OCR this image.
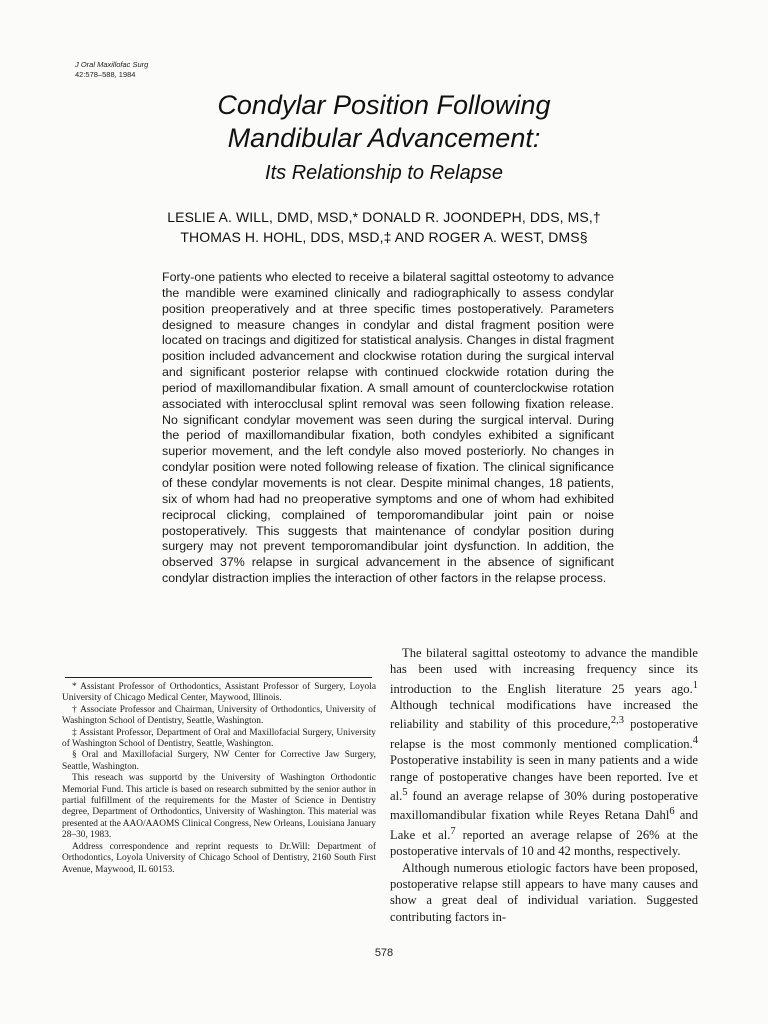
J Oral Maxillofac Surg
42:578–588, 1984
Condylar Position Following
Mandibular Advancement:
Its Relationship to Relapse
LESLIE A. WILL, DMD, MSD,* DONALD R. JOONDEPH, DDS, MS,†
THOMAS H. HOHL, DDS, MSD,‡ AND ROGER A. WEST, DMS§
Forty-one patients who elected to receive a bilateral sagittal osteotomy to advance the mandible were examined clinically and radiographically to assess condylar position preoperatively and at three specific times postoperatively. Parameters designed to measure changes in condylar and distal fragment position were located on tracings and digitized for statistical analysis. Changes in distal fragment position included advancement and clockwise rotation during the surgical interval and significant posterior relapse with continued clockwide rotation during the period of maxillomandibular fixation. A small amount of counterclockwise rotation associated with interocclusal splint removal was seen following fixation release. No significant condylar movement was seen during the surgical interval. During the period of maxillomandibular fixation, both condyles exhibited a significant superior movement, and the left condyle also moved posteriorly. No changes in condylar position were noted following release of fixation. The clinical significance of these condylar movements is not clear. Despite minimal changes, 18 patients, six of whom had had no preoperative symptoms and one of whom had exhibited reciprocal clicking, complained of temporomandibular joint pain or noise postoperatively. This suggests that maintenance of condylar position during surgery may not prevent temporomandibular joint dysfunction. In addition, the observed 37% relapse in surgical advancement in the absence of significant condylar distraction implies the interaction of other factors in the relapse process.

* Assistant Professor of Orthodontics, Assistant Professor of Surgery, Loyola University of Chicago Medical Center, Maywood, Illinois.

† Associate Professor and Chairman, University of Orthodontics, University of Washington School of Dentistry, Seattle, Washington.

‡ Assistant Professor, Department of Oral and Maxillofacial Surgery, University of Washington School of Dentistry, Seattle, Washington.

§ Oral and Maxillofacial Surgery, NW Center for Corrective Jaw Surgery, Seattle, Washington.

This reseach was supportd by the University of Washington Orthodontic Memorial Fund. This article is based on research submitted by the senior author in partial fulfillment of the requirements for the Master of Science in Dentistry degree, Department of Orthodontics, University of Washington. This material was presented at the AAO/AAOMS Clinical Congress, New Orleans, Louisiana January 28–30, 1983.

Address correspondence and reprint requests to Dr.Will: Department of Orthodontics, Loyola University of Chicago School of Dentistry, 2160 South First Avenue, Maywood, IL 60153.

The bilateral sagittal osteotomy to advance the mandible has been used with increasing frequency since its introduction to the English literature 25 years ago.$^1$ Although technical modifications have increased the reliability and stability of this procedure,$^{2,3}$ postoperative relapse is the most commonly mentioned complication.$^4$ Postoperative instability is seen in many patients and a wide range of postoperative changes have been reported. Ive et al.$^5$ found an average relapse of 30% during postoperative maxillomandibular fixation while Reyes Retana Dahl$^6$ and Lake et al.$^7$ reported an average relapse of 26% at the postoperative intervals of 10 and 42 months, respectively.

Although numerous etiologic factors have been proposed, postoperative relapse still appears to have many causes and show a great deal of individual variation. Suggested contributing factors in-

578
